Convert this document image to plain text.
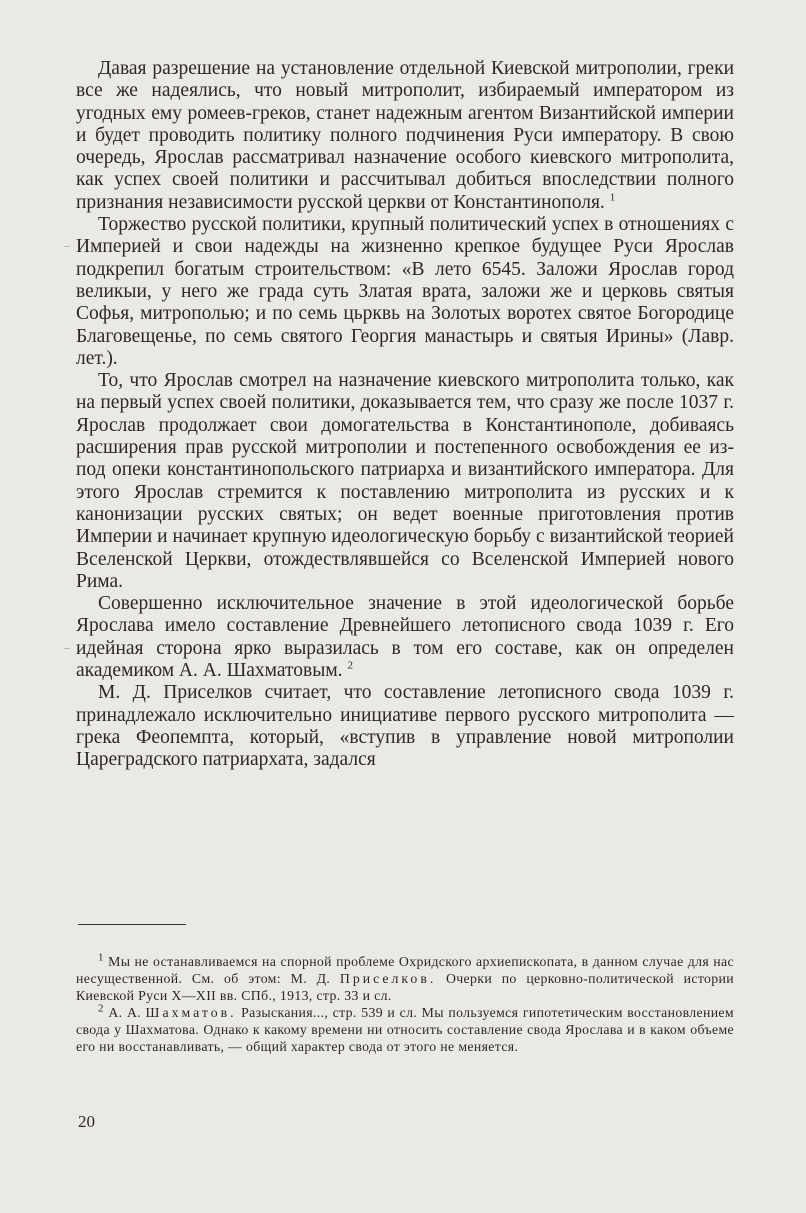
Давая разрешение на установление отдельной Киевской митрополии, греки все же надеялись, что новый митрополит, избираемый императором из угодных ему ромеев-греков, станет надежным агентом Византийской империи и будет проводить политику полного подчинения Руси императору. В свою очередь, Ярослав рассматривал назначение особого киевского митрополита, как успех своей политики и рассчитывал добиться впоследствии полного признания независимости русской церкви от Константинополя. $^1$

Торжество русской политики, крупный политический успех в отношениях с Империей и свои надежды на жизненно крепкое будущее Руси Ярослав подкрепил богатым строительством: «В лето 6545. Заложи Ярослав город великыи, у него же града суть Златая врата, заложи же и церковь святыя Софья, митрополью; и по семь цьрквь на Золотых воротех святое Богородице Благовещенье, по семь святого Георгия манастырь и святыя Ирины» (Лавр. лет.).

То, что Ярослав смотрел на назначение киевского митрополита только, как на первый успех своей политики, доказывается тем, что сразу же после 1037 г. Ярослав продолжает свои домогательства в Константинополе, добиваясь расширения прав русской митрополии и постепенного освобождения ее из-под опеки константинопольского патриарха и византийского императора. Для этого Ярослав стремится к поставлению митрополита из русских и к канонизации русских святых; он ведет военные приготовления против Империи и начинает крупную идеологическую борьбу с византийской теорией Вселенской Церкви, отождествлявшейся со Вселенской Империей нового Рима.

Совершенно исключительное значение в этой идеологической борьбе Ярослава имело составление Древнейшего летописного свода 1039 г. Его идейная сторона ярко выразилась в том его составе, как он определен академиком А. А. Шахматовым. $^2$

М. Д. Приселков считает, что составление летописного свода 1039 г. принадлежало исключительно инициативе первого русского митрополита — грека Феопемпта, который, «вступив в управление новой митрополии Цареградского патриархата, задался

$^1$ Мы не останавливаемся на спорной проблеме Охридского архиепископата, в данном случае для нас несущественной. См. об этом: М. Д. Приселков. Очерки по церковно-политической истории Киевской Руси X—XII вв. СПб., 1913, стр. 33 и сл.

$^2$ А. А. Шахматов. Разыскания..., стр. 539 и сл. Мы пользуемся гипотетическим восстановлением свода у Шахматова. Однако к какому времени ни относить составление свода Ярослава и в каком объеме его ни восстанавливать, — общий характер свода от этого не меняется.

20
